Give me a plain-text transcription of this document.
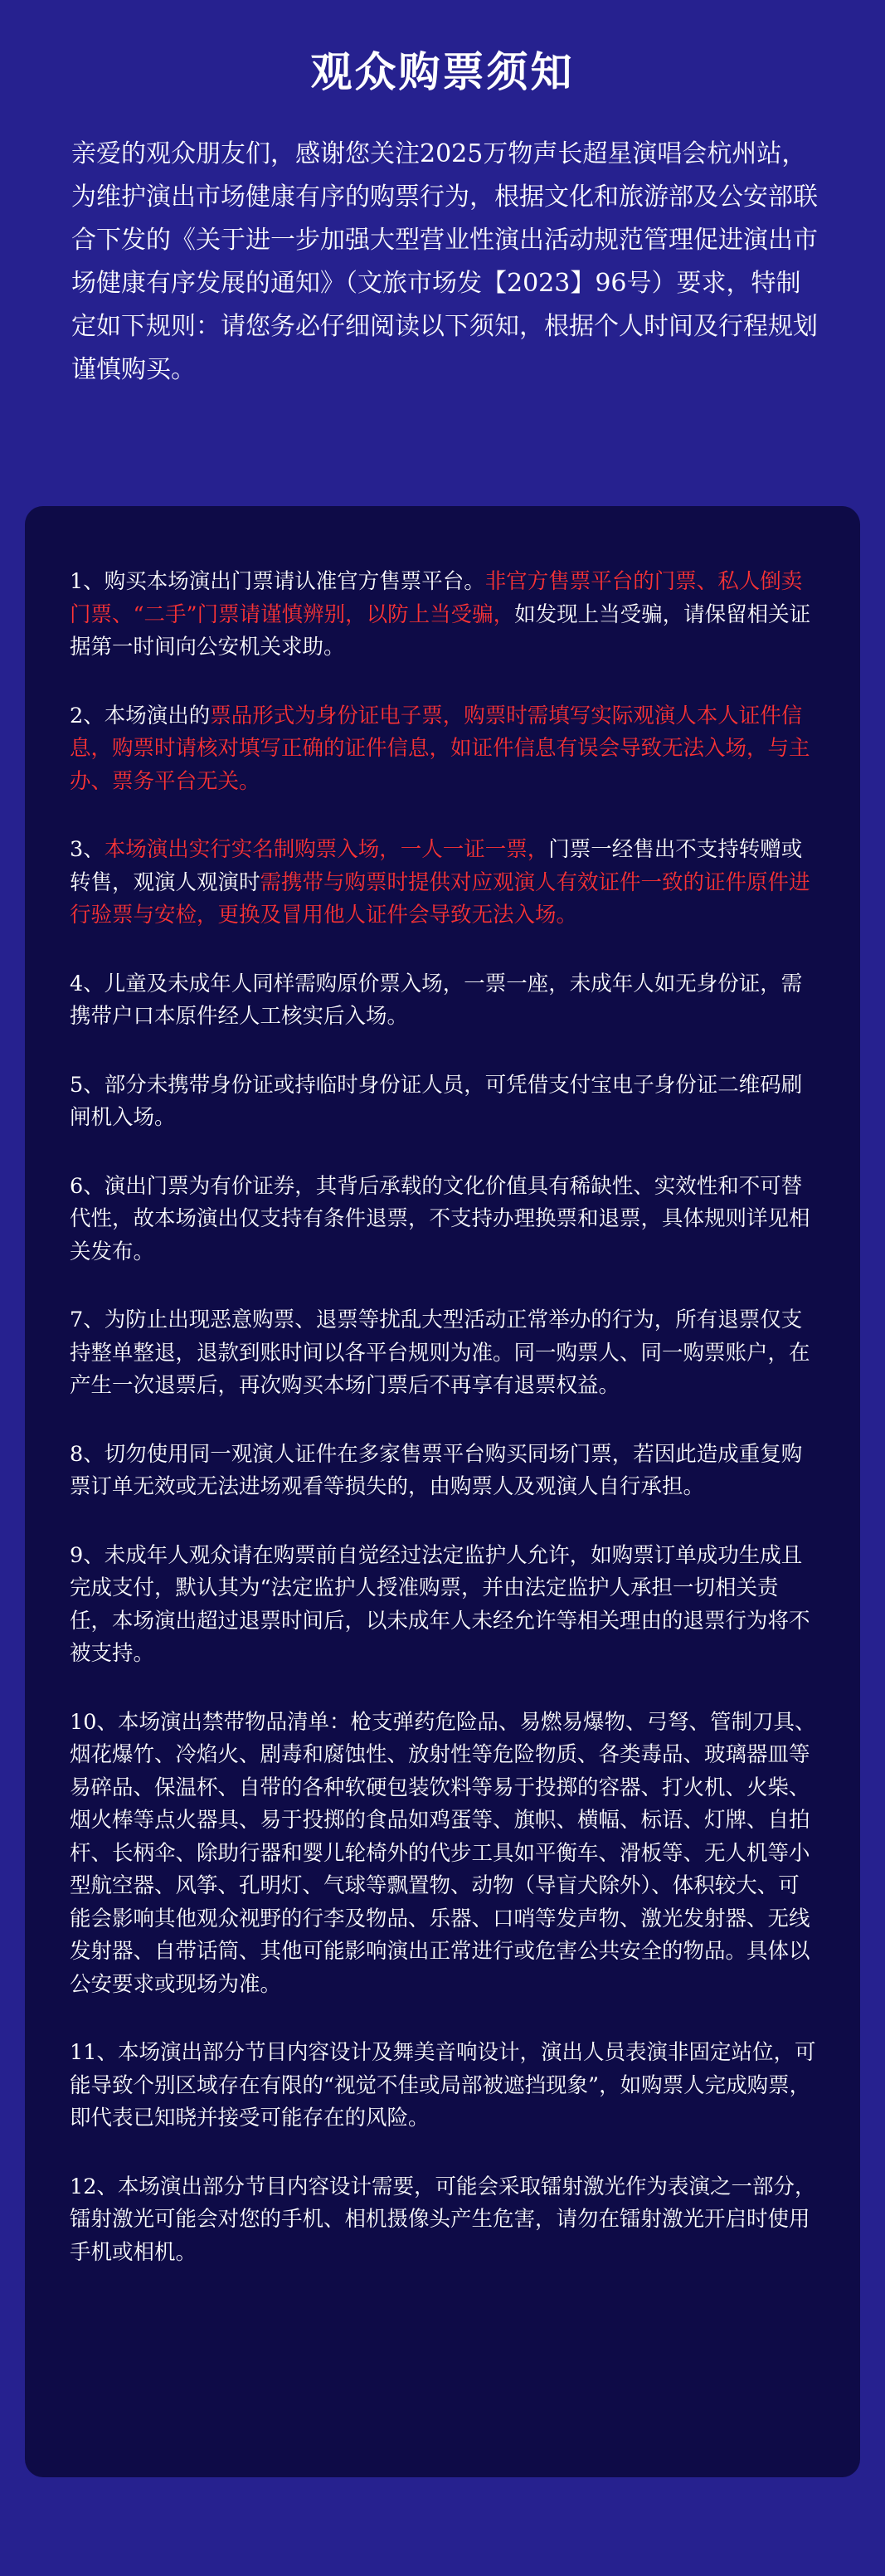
观众购票须知

亲爱的观众朋友们，感谢您关注2025万物声长超星演唱会杭州站，为维护演出市场健康有序的购票行为，根据文化和旅游部及公安部联合下发的《关于进一步加强大型营业性演出活动规范管理促进演出市场健康有序发展的通知》（文旅市场发【2023】96号）要求，特制定如下规则：请您务必仔细阅读以下须知，根据个人时间及行程规划谨慎购买。

1、购买本场演出门票请认准官方售票平台。非官方售票平台的门票、私人倒卖门票、“二手”门票请谨慎辨别，以防上当受骗，如发现上当受骗，请保留相关证据第一时间向公安机关求助。
2、本场演出的票品形式为身份证电子票，购票时需填写实际观演人本人证件信息，购票时请核对填写正确的证件信息，如证件信息有误会导致无法入场，与主办、票务平台无关。
3、本场演出实行实名制购票入场，一人一证一票，门票一经售出不支持转赠或转售，观演人观演时需携带与购票时提供对应观演人有效证件一致的证件原件进行验票与安检，更换及冒用他人证件会导致无法入场。
4、儿童及未成年人同样需购原价票入场，一票一座，未成年人如无身份证，需携带户口本原件经人工核实后入场。
5、部分未携带身份证或持临时身份证人员，可凭借支付宝电子身份证二维码刷闸机入场。
6、演出门票为有价证券，其背后承载的文化价值具有稀缺性、实效性和不可替代性，故本场演出仅支持有条件退票，不支持办理换票和退票，具体规则详见相关发布。
7、为防止出现恶意购票、退票等扰乱大型活动正常举办的行为，所有退票仅支持整单整退，退款到账时间以各平台规则为准。同一购票人、同一购票账户，在产生一次退票后，再次购买本场门票后不再享有退票权益。
8、切勿使用同一观演人证件在多家售票平台购买同场门票，若因此造成重复购票订单无效或无法进场观看等损失的，由购票人及观演人自行承担。
9、未成年人观众请在购票前自觉经过法定监护人允许，如购票订单成功生成且完成支付，默认其为“法定监护人授准购票，并由法定监护人承担一切相关责任，本场演出超过退票时间后，以未成年人未经允许等相关理由的退票行为将不被支持。
10、本场演出禁带物品清单：枪支弹药危险品、易燃易爆物、弓弩、管制刀具、烟花爆竹、冷焰火、剧毒和腐蚀性、放射性等危险物质、各类毒品、玻璃器皿等易碎品、保温杯、自带的各种软硬包装饮料等易于投掷的容器、打火机、火柴、烟火棒等点火器具、易于投掷的食品如鸡蛋等、旗帜、横幅、标语、灯牌、自拍杆、长柄伞、除助行器和婴儿轮椅外的代步工具如平衡车、滑板等、无人机等小型航空器、风筝、孔明灯、气球等飘置物、动物（导盲犬除外）、体积较大、可能会影响其他观众视野的行李及物品、乐器、口哨等发声物、激光发射器、无线发射器、自带话筒、其他可能影响演出正常进行或危害公共安全的物品。具体以公安要求或现场为准。
11、本场演出部分节目内容设计及舞美音响设计，演出人员表演非固定站位，可能导致个别区域存在有限的“视觉不佳或局部被遮挡现象”，如购票人完成购票，即代表已知晓并接受可能存在的风险。
12、本场演出部分节目内容设计需要，可能会采取镭射激光作为表演之一部分，镭射激光可能会对您的手机、相机摄像头产生危害，请勿在镭射激光开启时使用手机或相机。
